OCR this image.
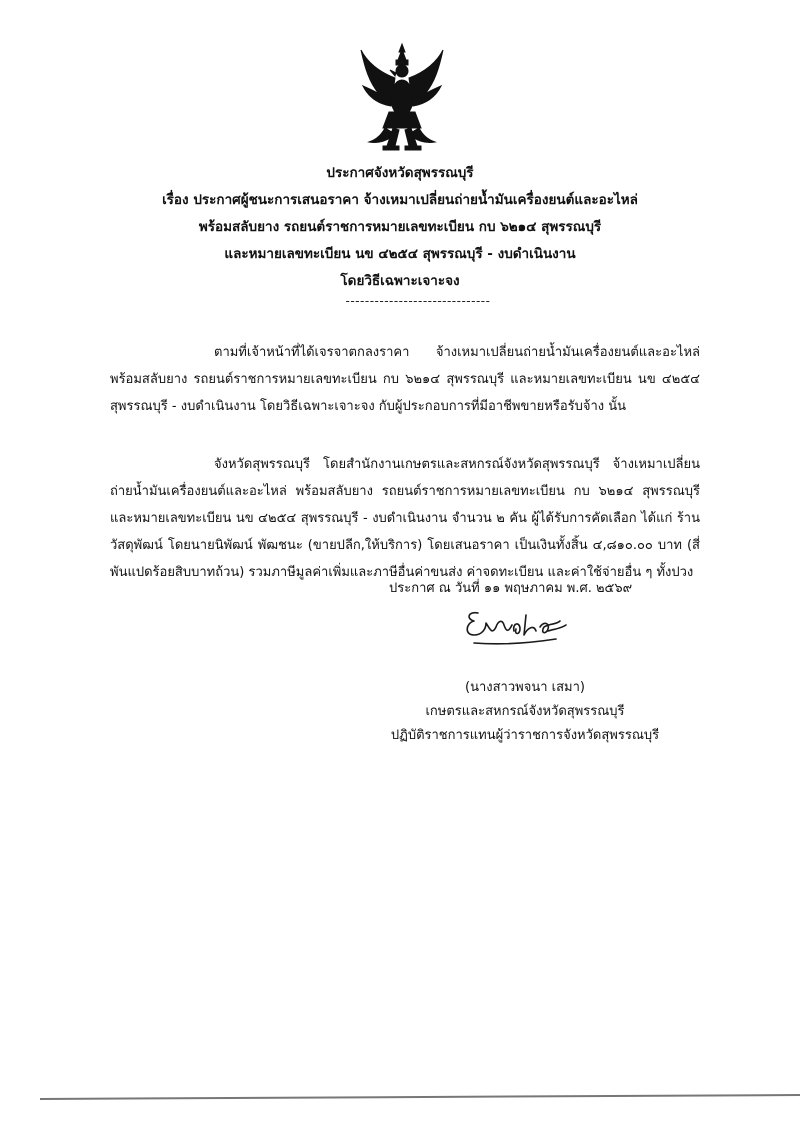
ประกาศจังหวัดสุพรรณบุรี
เรื่อง ประกาศผู้ชนะการเสนอราคา จ้างเหมาเปลี่ยนถ่ายน้ำมันเครื่องยนต์และอะไหล่
พร้อมสลับยาง รถยนต์ราชการหมายเลขทะเบียน กบ ๖๒๑๔ สุพรรณบุรี
และหมายเลขทะเบียน นข ๔๒๕๔ สุพรรณบุรี - งบดำเนินงาน
โดยวิธีเฉพาะเจาะจง
------------------------------
ตามที่เจ้าหน้าที่ได้เจรจาตกลงราคา จ้างเหมาเปลี่ยนถ่ายน้ำมันเครื่องยนต์และอะไหล่ พร้อมสลับยาง รถยนต์ราชการหมายเลขทะเบียน กบ ๖๒๑๔ สุพรรณบุรี และหมายเลขทะเบียน นข ๔๒๕๔ สุพรรณบุรี - งบดำเนินงาน โดยวิธีเฉพาะเจาะจง กับผู้ประกอบการที่มีอาชีพขายหรือรับจ้าง นั้น
จังหวัดสุพรรณบุรี โดยสำนักงานเกษตรและสหกรณ์จังหวัดสุพรรณบุรี จ้างเหมาเปลี่ยนถ่ายน้ำมันเครื่องยนต์และอะไหล่ พร้อมสลับยาง รถยนต์ราชการหมายเลขทะเบียน กบ ๖๒๑๔ สุพรรณบุรี และหมายเลขทะเบียน นข ๔๒๕๔ สุพรรณบุรี - งบดำเนินงาน จำนวน ๒ คัน ผู้ได้รับการคัดเลือก ได้แก่ ร้านวัสดุพัฒน์ โดยนายนิพัฒน์ พัฒชนะ (ขายปลีก,ให้บริการ) โดยเสนอราคา เป็นเงินทั้งสิ้น ๔,๘๑๐.๐๐ บาท (สี่พันแปดร้อยสิบบาทถ้วน) รวมภาษีมูลค่าเพิ่มและภาษีอื่นค่าขนส่ง ค่าจดทะเบียน และค่าใช้จ่ายอื่น ๆ ทั้งปวง
ประกาศ ณ วันที่ ๑๑ พฤษภาคม พ.ศ. ๒๕๖๙
(นางสาวพจนา เสมา)
เกษตรและสหกรณ์จังหวัดสุพรรณบุรี
ปฏิบัติราชการแทนผู้ว่าราชการจังหวัดสุพรรณบุรี
